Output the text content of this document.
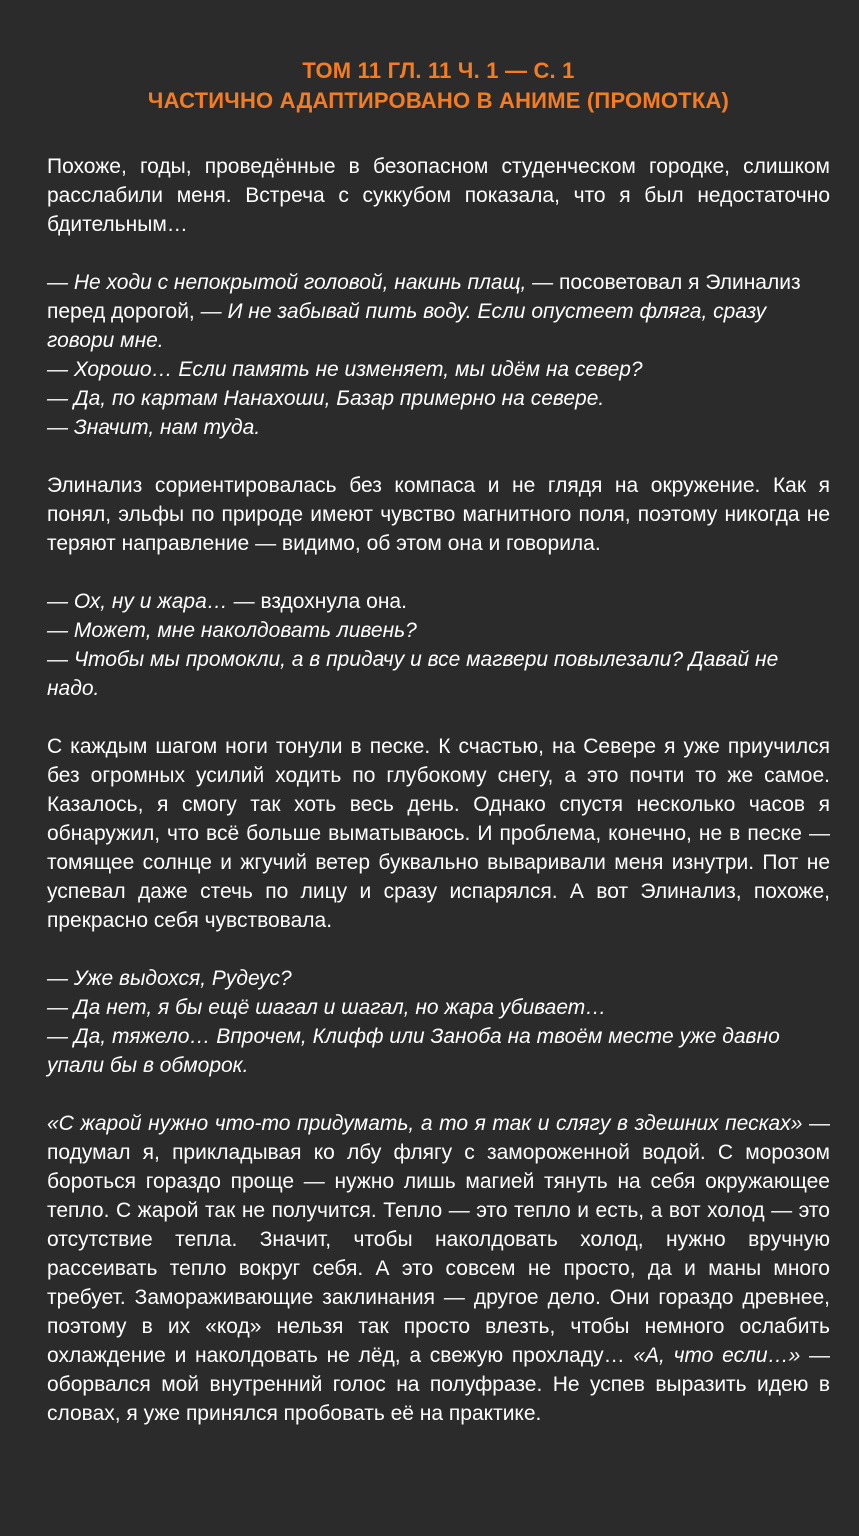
ТОМ 11 ГЛ. 11 Ч. 1 — С. 1
ЧАСТИЧНО АДАПТИРОВАНО В АНИМЕ (ПРОМОТКА)
Похоже, годы, проведённые в безопасном студенческом городке, слишком расслабили меня. Встреча с суккубом показала, что я был недостаточно бдительным…
— Не ходи с непокрытой головой, накинь плащ, — посоветовал я Элинализ перед дорогой, — И не забывай пить воду. Если опустеет фляга, сразу говори мне.
— Хорошо… Если память не изменяет, мы идём на север?
— Да, по картам Нанахоши, Базар примерно на севере.
— Значит, нам туда.
Элинализ сориентировалась без компаса и не глядя на окружение. Как я понял, эльфы по природе имеют чувство магнитного поля, поэтому никогда не теряют направление — видимо, об этом она и говорила.
— Ох, ну и жара… — вздохнула она.
— Может, мне наколдовать ливень?
— Чтобы мы промокли, а в придачу и все магвери повылезали? Давай не надо.
С каждым шагом ноги тонули в песке. К счастью, на Севере я уже приучился без огромных усилий ходить по глубокому снегу, а это почти то же самое. Казалось, я смогу так хоть весь день. Однако спустя несколько часов я обнаружил, что всё больше выматываюсь. И проблема, конечно, не в песке — томящее солнце и жгучий ветер буквально вываривали меня изнутри. Пот не успевал даже стечь по лицу и сразу испарялся. А вот Элинализ, похоже, прекрасно себя чувствовала.
— Уже выдохся, Рудеус?
— Да нет, я бы ещё шагал и шагал, но жара убивает…
— Да, тяжело… Впрочем, Клифф или Заноба на твоём месте уже давно упали бы в обморок.
«С жарой нужно что-то придумать, а то я так и слягу в здешних песках» — подумал я, прикладывая ко лбу флягу с замороженной водой. С морозом бороться гораздо проще — нужно лишь магией тянуть на себя окружающее тепло. С жарой так не получится. Тепло — это тепло и есть, а вот холод — это отсутствие тепла. Значит, чтобы наколдовать холод, нужно вручную рассеивать тепло вокруг себя. А это совсем не просто, да и маны много требует. Замораживающие заклинания — другое дело. Они гораздо древнее, поэтому в их «код» нельзя так просто влезть, чтобы немного ослабить охлаждение и наколдовать не лёд, а свежую прохладу… «А, что если…» — оборвался мой внутренний голос на полуфразе. Не успев выразить идею в словах, я уже принялся пробовать её на практике.
